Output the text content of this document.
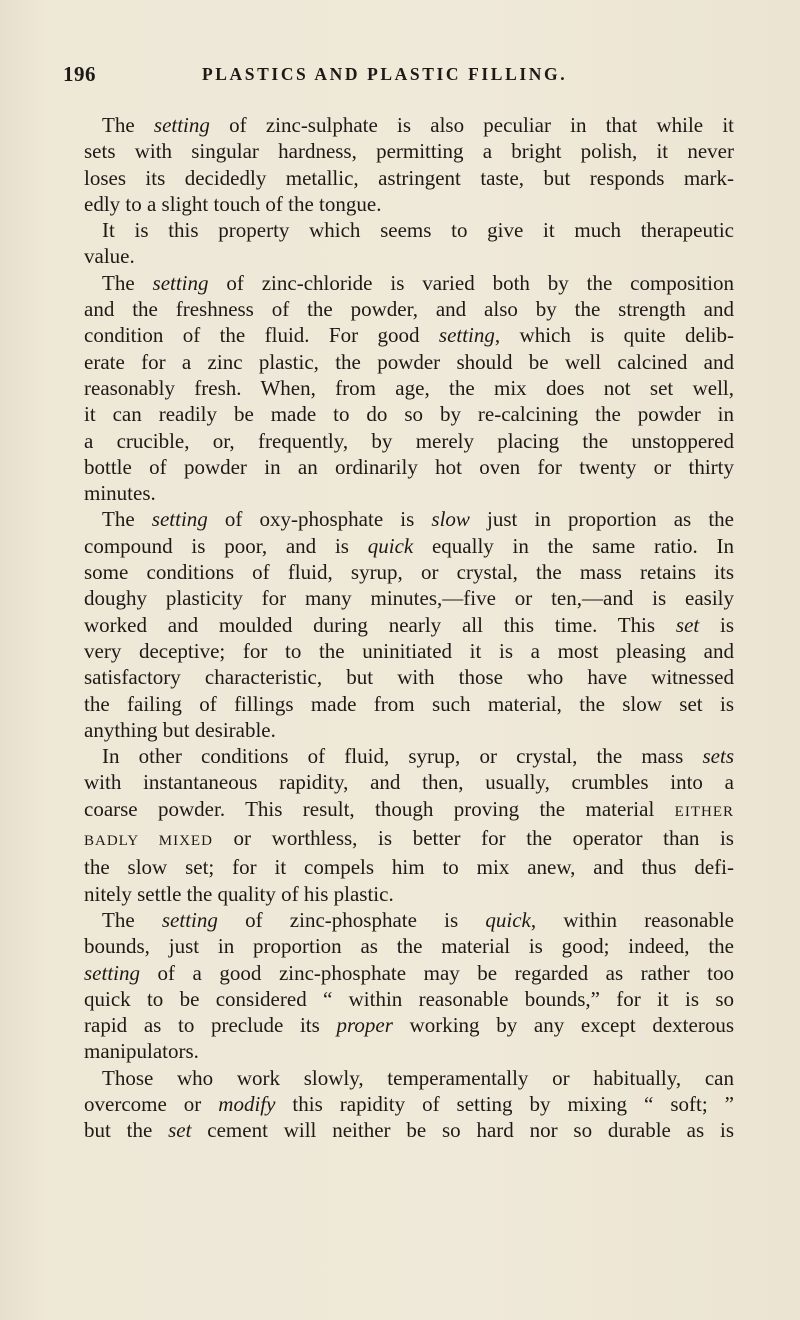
196	PLASTICS AND PLASTIC FILLING.

The setting of zinc-sulphate is also peculiar in that while it
sets with singular hardness, permitting a bright polish, it never
loses its decidedly metallic, astringent taste, but responds mark-
edly to a slight touch of the tongue.

It is this property which seems to give it much therapeutic
value.

The setting of zinc-chloride is varied both by the composition
and the freshness of the powder, and also by the strength and
condition of the fluid. For good setting, which is quite delib-
erate for a zinc plastic, the powder should be well calcined and
reasonably fresh. When, from age, the mix does not set well,
it can readily be made to do so by re-calcining the powder in
a crucible, or, frequently, by merely placing the unstoppered
bottle of powder in an ordinarily hot oven for twenty or thirty
minutes.

The setting of oxy-phosphate is slow just in proportion as the
compound is poor, and is quick equally in the same ratio. In
some conditions of fluid, syrup, or crystal, the mass retains its
doughy plasticity for many minutes,—five or ten,—and is easily
worked and moulded during nearly all this time. This set is
very deceptive; for to the uninitiated it is a most pleasing and
satisfactory characteristic, but with those who have witnessed
the failing of fillings made from such material, the slow set is
anything but desirable.

In other conditions of fluid, syrup, or crystal, the mass sets
with instantaneous rapidity, and then, usually, crumbles into a
coarse powder. This result, though proving the material EITHER
BADLY MIXED or worthless, is better for the operator than is
the slow set; for it compels him to mix anew, and thus defi-
nitely settle the quality of his plastic.

The setting of zinc-phosphate is quick, within reasonable
bounds, just in proportion as the material is good; indeed, the
setting of a good zinc-phosphate may be regarded as rather too
quick to be considered “ within reasonable bounds,” for it is so
rapid as to preclude its proper working by any except dexterous
manipulators.

Those who work slowly, temperamentally or habitually, can
overcome or modify this rapidity of setting by mixing “ soft; ”
but the set cement will neither be so hard nor so durable as is
